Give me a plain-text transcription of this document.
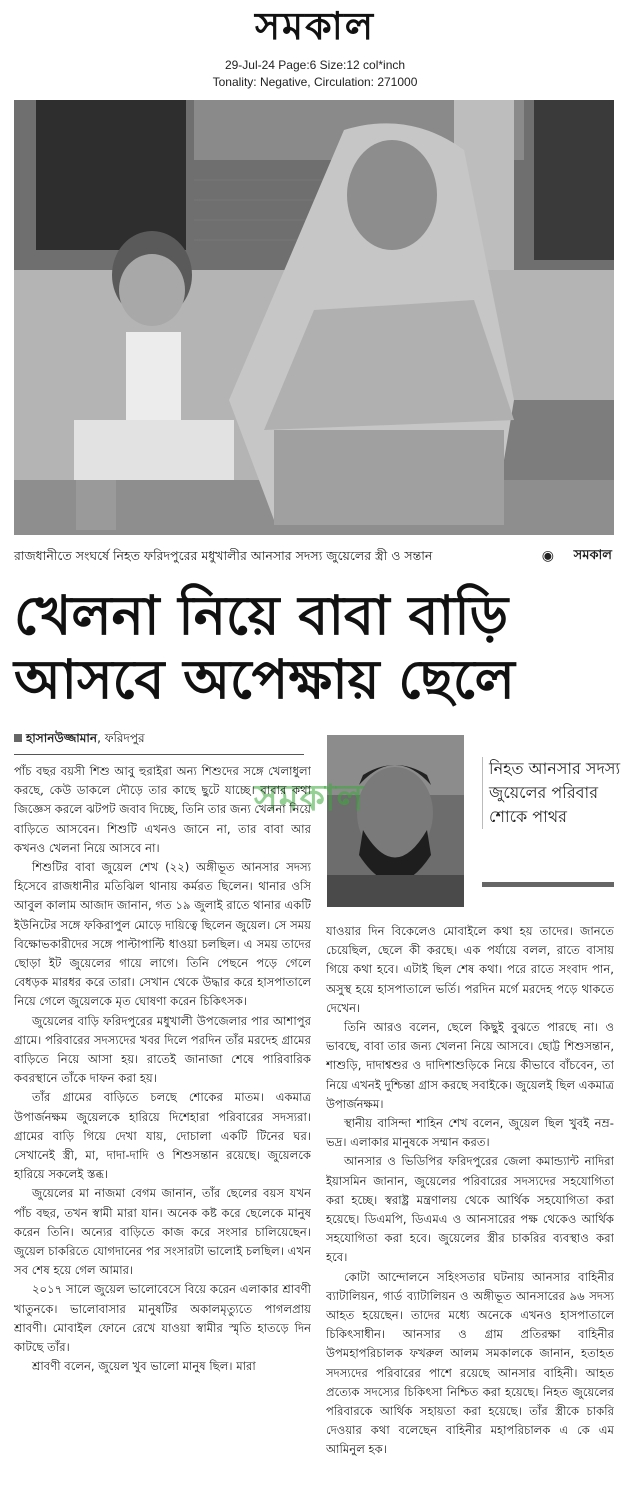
সমকাল
29-Jul-24 Page:6 Size:12 col*inch
Tonality: Negative, Circulation: 271000
রাজধানীতে সংঘর্ষে নিহত ফরিদপুরের মধুখালীর আনসার সদস্য জুয়েলের স্ত্রী ও সন্তান	◉ সমকাল
খেলনা নিয়ে বাবা বাড়ি
আসবে অপেক্ষায় ছেলে
হাসানউজ্জামান, ফরিদপুর
সমকাল
নিহত আনসার সদস্য জুয়েলের পরিবার শোকে পাথর

পাঁচ বছর বয়সী শিশু আবু হুরাইরা অন্য শিশুদের সঙ্গে খেলাধুলা করছে, কেউ ডাকলে দৌড়ে তার কাছে ছুটে যাচ্ছে। বাবার কথা জিজ্ঞেস করলে ঝটপট জবাব দিচ্ছে, তিনি তার জন্য খেলনা নিয়ে বাড়িতে আসবেন। শিশুটি এখনও জানে না, তার বাবা আর কখনও খেলনা নিয়ে আসবে না।

শিশুটির বাবা জুয়েল শেখ (২২) অঙ্গীভূত আনসার সদস্য হিসেবে রাজধানীর মতিঝিল থানায় কর্মরত ছিলেন। থানার ওসি আবুল কালাম আজাদ জানান, গত ১৯ জুলাই রাতে থানার একটি ইউনিটের সঙ্গে ফকিরাপুল মোড়ে দায়িত্বে ছিলেন জুয়েল। সে সময় বিক্ষোভকারীদের সঙ্গে পাল্টাপাল্টি ধাওয়া চলছিল। এ সময় তাদের ছোড়া ইট জুয়েলের গায়ে লাগে। তিনি পেছনে পড়ে গেলে বেধড়ক মারধর করে তারা। সেখান থেকে উদ্ধার করে হাসপাতালে নিয়ে গেলে জুয়েলকে মৃত ঘোষণা করেন চিকিৎসক।

জুয়েলের বাড়ি ফরিদপুরের মধুখালী উপজেলার পার আশাপুর গ্রামে। পরিবারের সদস্যদের খবর দিলে পরদিন তাঁর মরদেহ গ্রামের বাড়িতে নিয়ে আসা হয়। রাতেই জানাজা শেষে পারিবারিক কবরস্থানে তাঁকে দাফন করা হয়।

তাঁর গ্রামের বাড়িতে চলছে শোকের মাতম। একমাত্র উপার্জনক্ষম জুয়েলকে হারিয়ে দিশেহারা পরিবারের সদস্যরা। গ্রামের বাড়ি গিয়ে দেখা যায়, দোচালা একটি টিনের ঘর। সেখানেই স্ত্রী, মা, দাদা-দাদি ও শিশুসন্তান রয়েছে। জুয়েলকে হারিয়ে সকলেই স্তব্ধ।

জুয়েলের মা নাজমা বেগম জানান, তাঁর ছেলের বয়স যখন পাঁচ বছর, তখন স্বামী মারা যান। অনেক কষ্ট করে ছেলেকে মানুষ করেন তিনি। অন্যের বাড়িতে কাজ করে সংসার চালিয়েছেন। জুয়েল চাকরিতে যোগদানের পর সংসারটা ভালোই চলছিল। এখন সব শেষ হয়ে গেল আমার।

২০১৭ সালে জুয়েল ভালোবেসে বিয়ে করেন এলাকার শ্রাবণী খাতুনকে। ভালোবাসার মানুষটির অকালমৃত্যুতে পাগলপ্রায় শ্রাবণী। মোবাইল ফোনে রেখে যাওয়া স্বামীর স্মৃতি হাতড়ে দিন কাটছে তাঁর।

শ্রাবণী বলেন, জুয়েল খুব ভালো মানুষ ছিল। মারা

যাওয়ার দিন বিকেলেও মোবাইলে কথা হয় তাদের। জানতে চেয়েছিল, ছেলে কী করছে। এক পর্যায়ে বলল, রাতে বাসায় গিয়ে কথা হবে। এটাই ছিল শেষ কথা। পরে রাতে সংবাদ পান, অসুস্থ হয়ে হাসপাতালে ভর্তি। পরদিন মর্গে মরদেহ পড়ে থাকতে দেখেন।

তিনি আরও বলেন, ছেলে কিছুই বুঝতে পারছে না। ও ভাবছে, বাবা তার জন্য খেলনা নিয়ে আসবে। ছোট্ট শিশুসন্তান, শাশুড়ি, দাদাশ্বশুর ও দাদিশাশুড়িকে নিয়ে কীভাবে বাঁচবেন, তা নিয়ে এখনই দুশ্চিন্তা গ্রাস করছে সবাইকে। জুয়েলই ছিল একমাত্র উপার্জনক্ষম।

স্থানীয় বাসিন্দা শাহিন শেখ বলেন, জুয়েল ছিল খুবই নম্র-ভদ্র। এলাকার মানুষকে সম্মান করত।

আনসার ও ভিডিপির ফরিদপুরের জেলা কমান্ড্যান্ট নাদিরা ইয়াসমিন জানান, জুয়েলের পরিবারের সদস্যদের সহযোগিতা করা হচ্ছে। স্বরাষ্ট্র মন্ত্রণালয় থেকে আর্থিক সহযোগিতা করা হয়েছে। ডিএমপি, ডিএমএ ও আনসারের পক্ষ থেকেও আর্থিক সহযোগিতা করা হবে। জুয়েলের স্ত্রীর চাকরির ব্যবস্থাও করা হবে।

কোটা আন্দোলনে সহিংসতার ঘটনায় আনসার বাহিনীর ব্যাটালিয়ন, গার্ড ব্যাটালিয়ন ও অঙ্গীভূত আনসারের ৯৬ সদস্য আহত হয়েছেন। তাদের মধ্যে অনেকে এখনও হাসপাতালে চিকিৎসাধীন। আনসার ও গ্রাম প্রতিরক্ষা বাহিনীর উপমহাপরিচালক ফখরুল আলম সমকালকে জানান, হতাহত সদস্যদের পরিবারের পাশে রয়েছে আনসার বাহিনী। আহত প্রত্যেক সদস্যের চিকিৎসা নিশ্চিত করা হয়েছে। নিহত জুয়েলের পরিবারকে আর্থিক সহায়তা করা হয়েছে। তাঁর স্ত্রীকে চাকরি দেওয়ার কথা বলেছেন বাহিনীর মহাপরিচালক এ কে এম আমিনুল হক।
